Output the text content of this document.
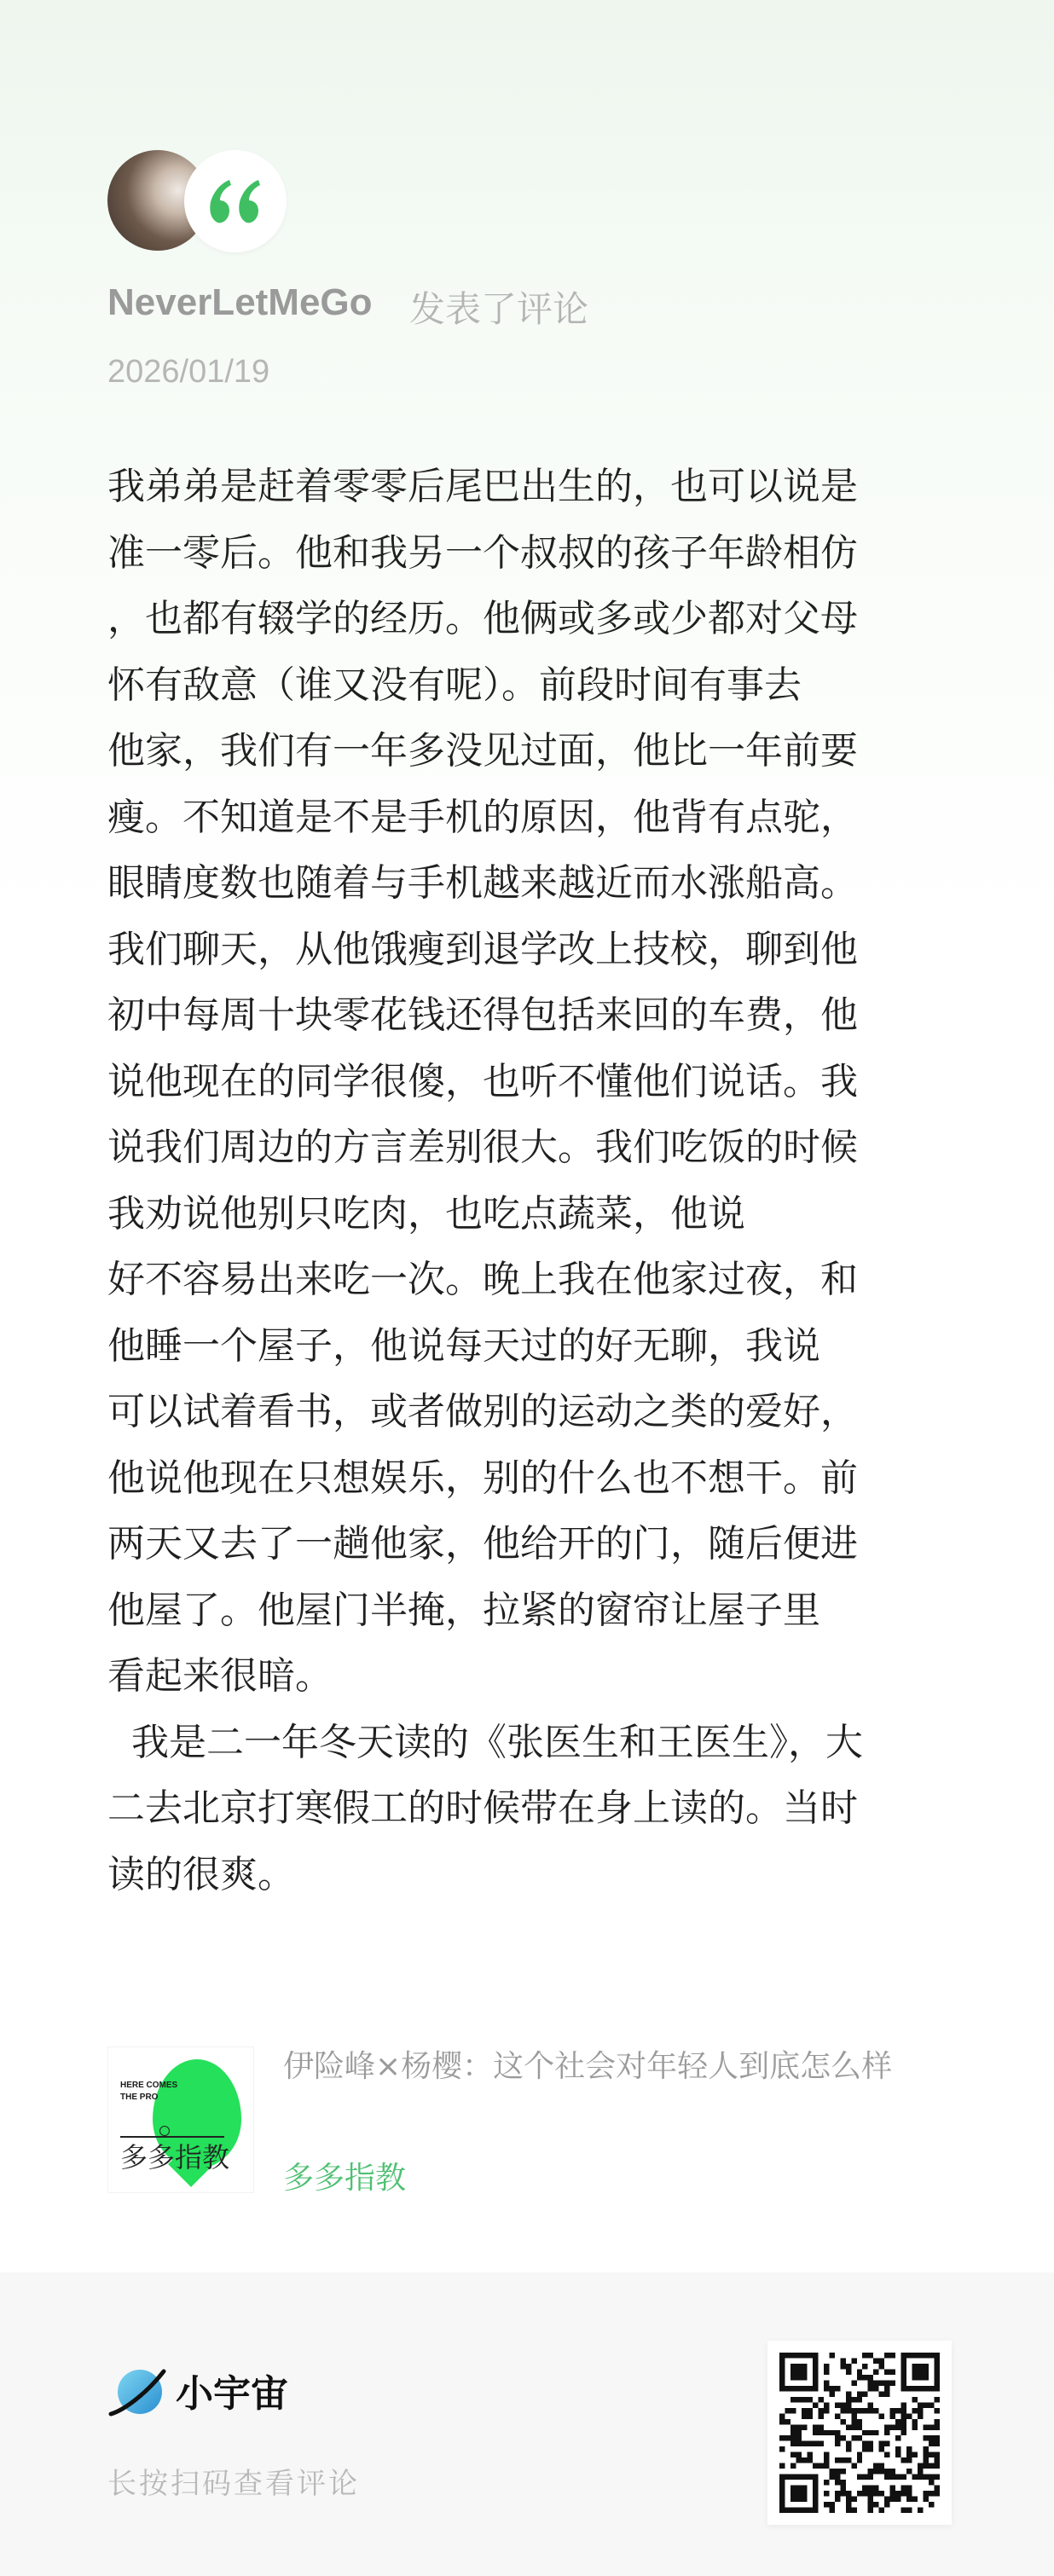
NeverLetMeGo 发表了评论
2026/01/19
我弟弟是赶着零零后尾巴出生的，也可以说是
准一零后。他和我另一个叔叔的孩子年龄相仿
，也都有辍学的经历。他俩或多或少都对父母
怀有敌意（谁又没有呢）。前段时间有事去
他家，我们有一年多没见过面，他比一年前要
瘦。不知道是不是手机的原因，他背有点驼，
眼睛度数也随着与手机越来越近而水涨船高。
我们聊天，从他饿瘦到退学改上技校，聊到他
初中每周十块零花钱还得包括来回的车费，他
说他现在的同学很傻，也听不懂他们说话。我
说我们周边的方言差别很大。我们吃饭的时候
我劝说他别只吃肉，也吃点蔬菜，他说
好不容易出来吃一次。晚上我在他家过夜，和
他睡一个屋子，他说每天过的好无聊，我说
可以试着看书，或者做别的运动之类的爱好，
他说他现在只想娱乐，别的什么也不想干。前
两天又去了一趟他家，他给开的门，随后便进
他屋了。他屋门半掩，拉紧的窗帘让屋子里
看起来很暗。
我是二一年冬天读的《张医生和王医生》，大
二去北京打寒假工的时候带在身上读的。当时
读的很爽。
HERE COMES
THE PRO
多多指教
伊险峰×杨樱：这个社会对年轻人到底怎么样
多多指教
小宇宙
长按扫码查看评论
